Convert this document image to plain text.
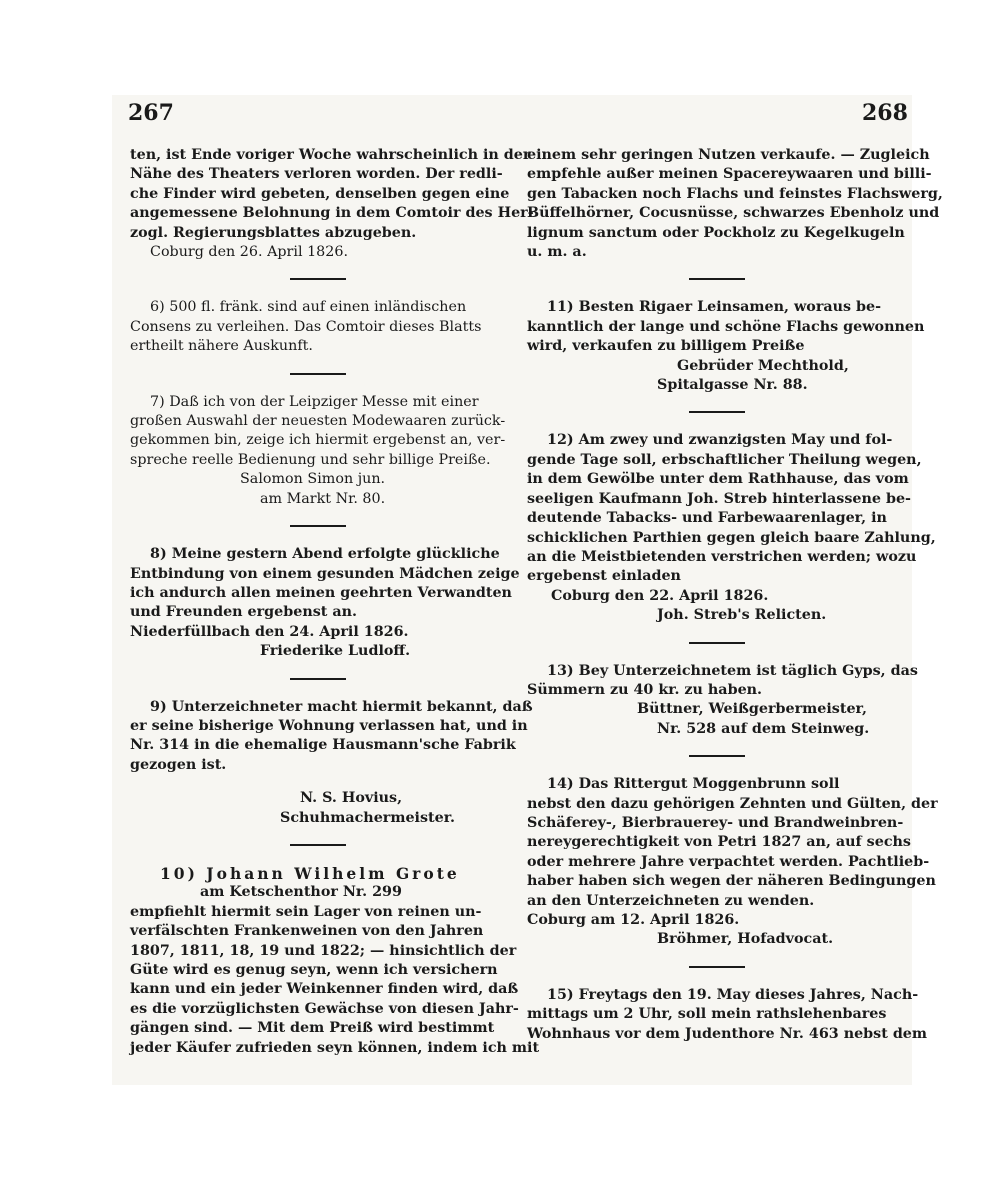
267	268
ten, ist Ende voriger Woche wahrscheinlich in der
Nähe des Theaters verloren worden. Der redli-
che Finder wird gebeten, denselben gegen eine
angemessene Belohnung in dem Comtoir des Her-
zogl. Regierungsblattes abzugeben.
Coburg den 26. April 1826.
6) 500 fl. fränk. sind auf einen inländischen
Consens zu verleihen. Das Comtoir dieses Blatts
ertheilt nähere Auskunft.
7) Daß ich von der Leipziger Messe mit einer
großen Auswahl der neuesten Modewaaren zurück-
gekommen bin, zeige ich hiermit ergebenst an, ver-
spreche reelle Bedienung und sehr billige Preiße.
Salomon Simon jun.
am Markt Nr. 80.
8) Meine gestern Abend erfolgte glückliche
Entbindung von einem gesunden Mädchen zeige
ich andurch allen meinen geehrten Verwandten
und Freunden ergebenst an.
Niederfüllbach den 24. April 1826.
Friederike Ludloff.
9) Unterzeichneter macht hiermit bekannt, daß
er seine bisherige Wohnung verlassen hat, und in
Nr. 314 in die ehemalige Hausmann'sche Fabrik
gezogen ist.
N. S. Hovius,
Schuhmachermeister.
10) Johann Wilhelm Grote
am Ketschenthor Nr. 299
empfiehlt hiermit sein Lager von reinen un-
verfälschten Frankenweinen von den Jahren
1807, 1811, 18, 19 und 1822; — hinsichtlich der
Güte wird es genug seyn, wenn ich versichern
kann und ein jeder Weinkenner finden wird, daß
es die vorzüglichsten Gewächse von diesen Jahr-
gängen sind. — Mit dem Preiß wird bestimmt
jeder Käufer zufrieden seyn können, indem ich mit
einem sehr geringen Nutzen verkaufe. — Zugleich
empfehle außer meinen Spacereywaaren und billi-
gen Tabacken noch Flachs und feinstes Flachswerg,
Büffelhörner, Cocusnüsse, schwarzes Ebenholz und
lignum sanctum oder Pockholz zu Kegelkugeln
u. m. a.
11) Besten Rigaer Leinsamen, woraus be-
kanntlich der lange und schöne Flachs gewonnen
wird, verkaufen zu billigem Preiße
Gebrüder Mechthold,
Spitalgasse Nr. 88.
12) Am zwey und zwanzigsten May und fol-
gende Tage soll, erbschaftlicher Theilung wegen,
in dem Gewölbe unter dem Rathhause, das vom
seeligen Kaufmann Joh. Streb hinterlassene be-
deutende Tabacks- und Farbewaarenlager, in
schicklichen Parthien gegen gleich baare Zahlung,
an die Meistbietenden verstrichen werden; wozu
ergebenst einladen
Coburg den 22. April 1826.
Joh. Streb's Relicten.
13) Bey Unterzeichnetem ist täglich Gyps, das
Sümmern zu 40 kr. zu haben.
Büttner, Weißgerbermeister,
Nr. 528 auf dem Steinweg.
14) Das Rittergut Moggenbrunn soll
nebst den dazu gehörigen Zehnten und Gülten, der
Schäferey-, Bierbrauerey- und Brandweinbren-
nereygerechtigkeit von Petri 1827 an, auf sechs
oder mehrere Jahre verpachtet werden. Pachtlieb-
haber haben sich wegen der näheren Bedingungen
an den Unterzeichneten zu wenden.
Coburg am 12. April 1826.
Bröhmer, Hofadvocat.
15) Freytags den 19. May dieses Jahres, Nach-
mittags um 2 Uhr, soll mein rathslehenbares
Wohnhaus vor dem Judenthore Nr. 463 nebst dem
